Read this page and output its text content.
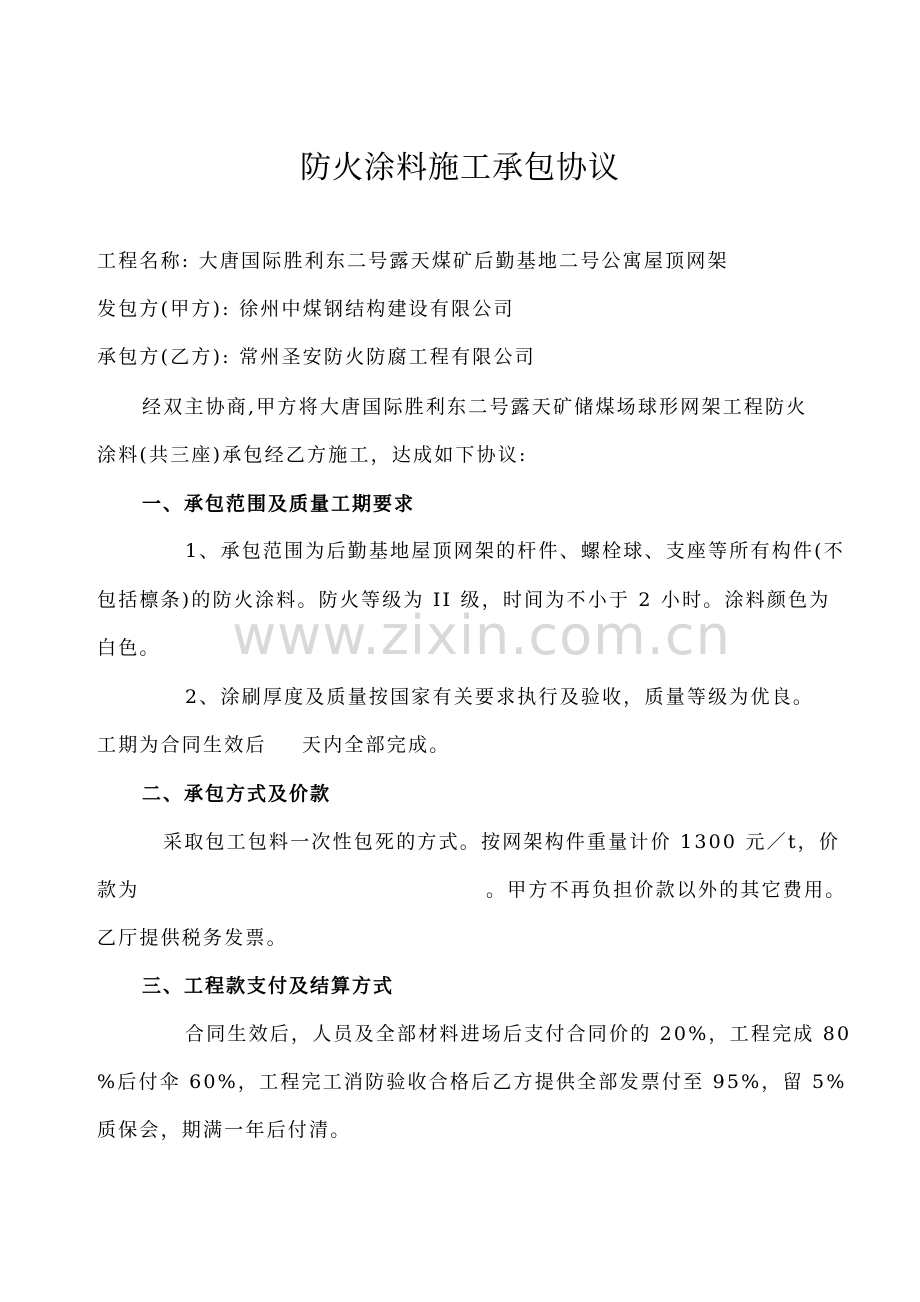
防火涂料施工承包协议
工程名称: 大唐国际胜利东二号露天煤矿后勤基地二号公寓屋顶网架
发包方(甲方): 徐州中煤钢结构建设有限公司
承包方(乙方): 常州圣安防火防腐工程有限公司
经双主协商,甲方将大唐国际胜利东二号露天矿储煤场球形网架工程防火
涂料(共三座)承包经乙方施工，达成如下协议:
一、承包范围及质量工期要求
1、承包范围为后勤基地屋顶网架的杆件、螺栓球、支座等所有构件(不
包括檩条)的防火涂料。防火等级为 II 级，时间为不小于 2 小时。涂料颜色为
白色。
2、涂刷厚度及质量按国家有关要求执行及验收，质量等级为优良。
工期为合同生效后 天内全部完成。
二、承包方式及价款
采取包工包料一次性包死的方式。按网架构件重量计价 1300 元／t，价
款为	。甲方不再负担价款以外的其它费用。
乙厅提供税务发票。
三、工程款支付及结算方式
合同生效后，人员及全部材料进场后支付合同价的 20%，工程完成 80
%后付伞 60%，工程完工消防验收合格后乙方提供全部发票付至 95%，留 5%
质保会，期满一年后付清。
www.zixin.com.cn
